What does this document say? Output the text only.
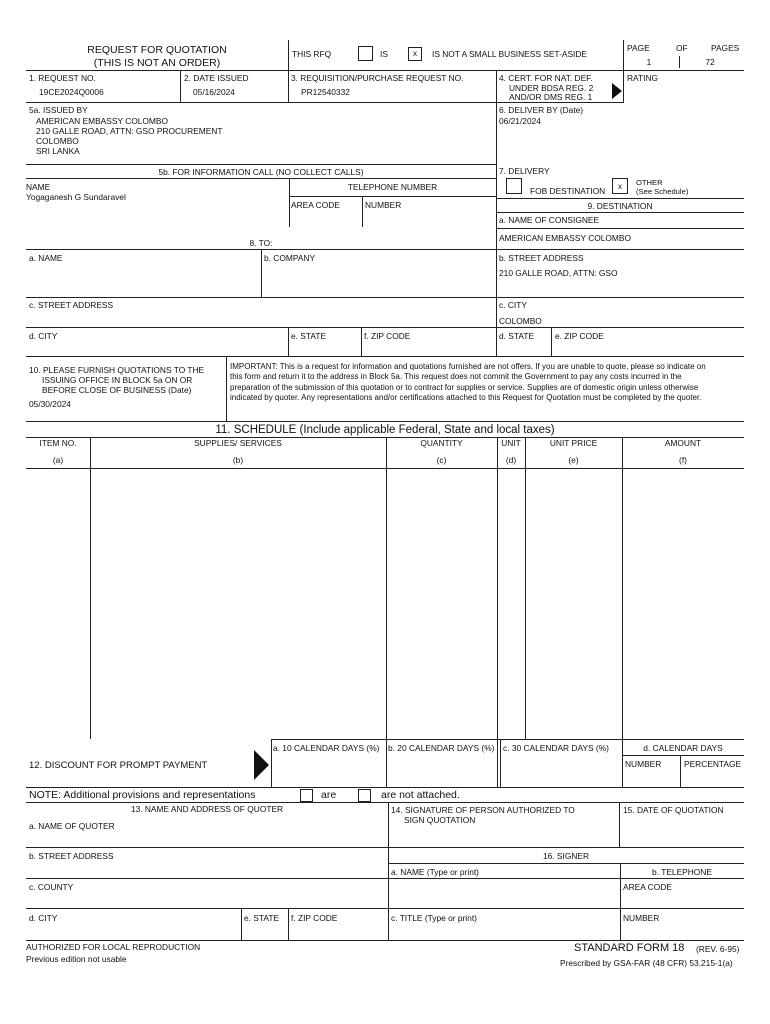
REQUEST FOR QUOTATION
(THIS IS NOT AN ORDER)
THIS RFQ	IS	x	IS NOT A SMALL BUSINESS SET-ASIDE
PAGE	OF	PAGES
1	72
1. REQUEST NO.
19CE2024Q0006
2. DATE ISSUED
05/16/2024
3. REQUISITION/PURCHASE REQUEST NO.
PR12540332
4. CERT. FOR NAT. DEF.
UNDER BDSA REG. 2
AND/OR DMS REG. 1
RATING
5a. ISSUED BY
AMERICAN EMBASSY COLOMBO
210 GALLE ROAD, ATTN: GSO PROCUREMENT
COLOMBO
SRI LANKA
6. DELIVER BY (Date)
06/21/2024
5b. FOR INFORMATION CALL (NO COLLECT CALLS)
NAME
Yogaganesh G Sundaravel
TELEPHONE NUMBER
AREA CODE	NUMBER
7. DELIVERY
FOB DESTINATION	x	OTHER
(See Schedule)
9. DESTINATION
a. NAME OF CONSIGNEE
AMERICAN EMBASSY COLOMBO
b. STREET ADDRESS
210 GALLE ROAD, ATTN: GSO
c. CITY
COLOMBO
d. STATE e. ZIP CODE
8. TO:
a. NAME	b. COMPANY
c. STREET ADDRESS
d. CITY	e. STATE	f. ZIP CODE
10. PLEASE FURNISH QUOTATIONS TO THE
ISSUING OFFICE IN BLOCK 5a ON OR
BEFORE CLOSE OF BUSINESS (Date)
05/30/2024
IMPORTANT: This is a request for information and quotations furnished are not offers. If you are unable to quote, please so indicate on this form and return it to the address in Block 5a. This request does not commit the Government to pay any costs incurred in the preparation of the submission of this quotation or to contract for supplies or service. Supplies are of domestic origin unless otherwise indicated by quoter. Any representations and/or certifications attached to this Request for Quotation must be completed by the quoter.
11. SCHEDULE (Include applicable Federal, State and local taxes)
ITEM NO.
(a)
SUPPLIES/ SERVICES
(b)
QUANTITY
(c)
UNIT
(d)
UNIT PRICE
(e)
AMOUNT
(f)
12. DISCOUNT FOR PROMPT PAYMENT
a. 10 CALENDAR DAYS (%) b. 20 CALENDAR DAYS (%) c. 30 CALENDAR DAYS (%)	d. CALENDAR DAYS
NUMBER	PERCENTAGE
NOTE: Additional provisions and representations	are	are not attached.
13. NAME AND ADDRESS OF QUOTER
a. NAME OF QUOTER
b. STREET ADDRESS
c. COUNTY
d. CITY	e. STATE f. ZIP CODE
14. SIGNATURE OF PERSON AUTHORIZED TO
SIGN QUOTATION
15. DATE OF QUOTATION
16. SIGNER
a. NAME (Type or print)	b. TELEPHONE
AREA CODE
c. TITLE (Type or print)	NUMBER
AUTHORIZED FOR LOCAL REPRODUCTION
Previous edition not usable
STANDARD FORM 18 (REV. 6-95)
Prescribed by GSA-FAR (48 CFR) 53.215-1(a)
